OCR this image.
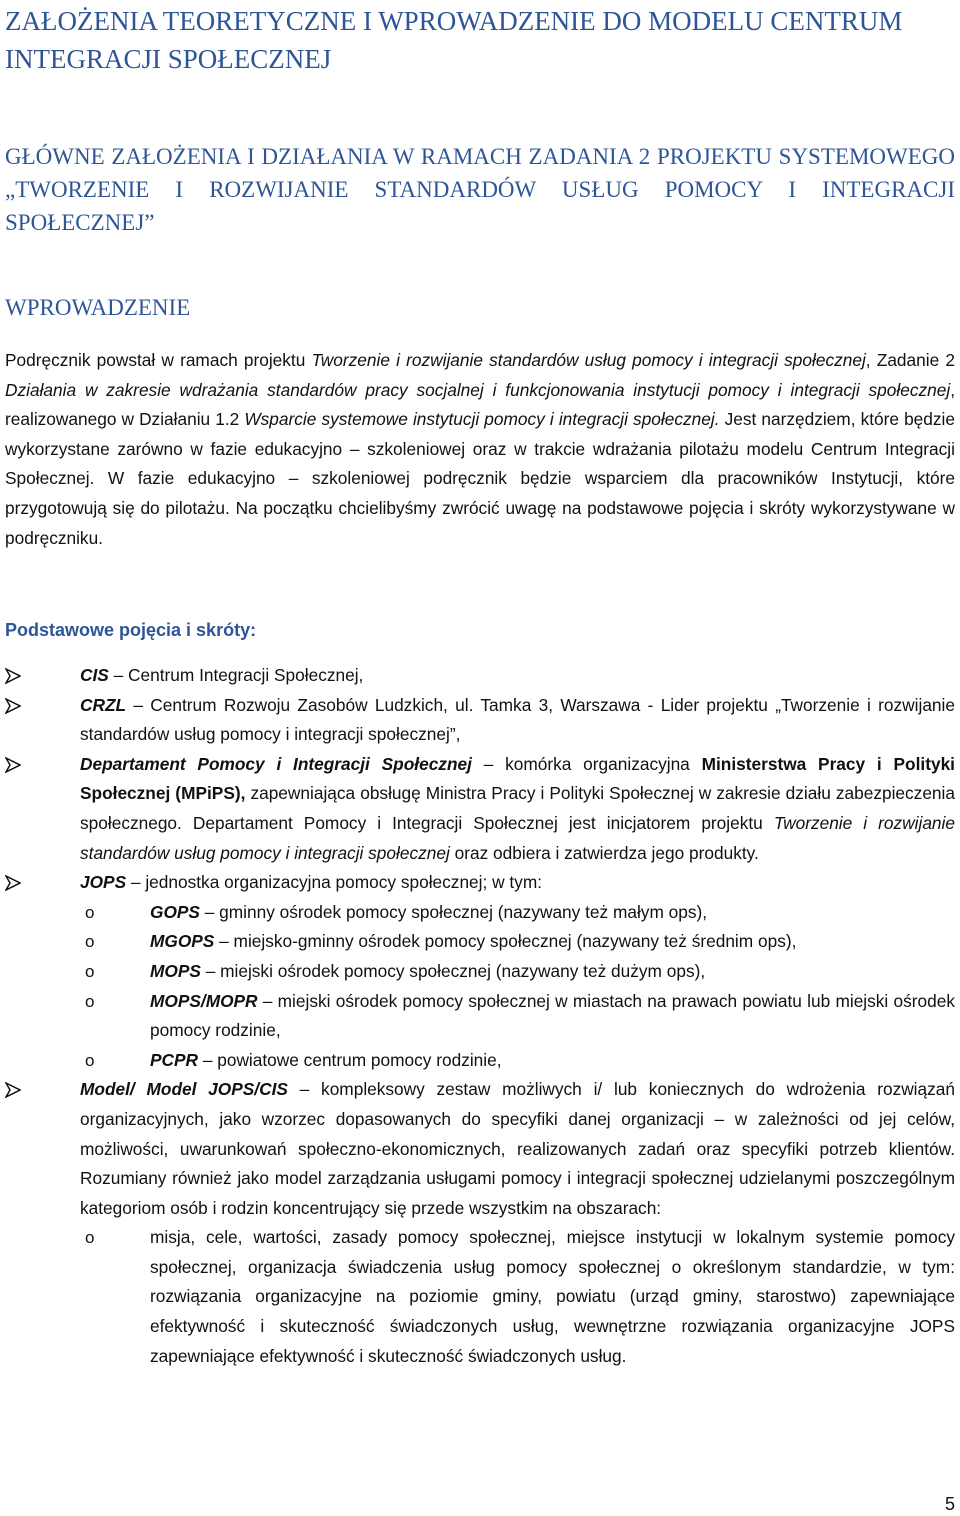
ZAŁOŻENIA TEORETYCZNE I WPROWADZENIE DO MODELU CENTRUM INTEGRACJI SPOŁECZNEJ
GŁÓWNE ZAŁOŻENIA I DZIAŁANIA W RAMACH ZADANIA 2 PROJEKTU SYSTEMOWEGO
„TWORZENIE I ROZWIJANIE STANDARDÓW USŁUG POMOCY I INTEGRACJI
SPOŁECZNEJ”
WPROWADZENIE

Podręcznik powstał w ramach projektu Tworzenie i rozwijanie standardów usług pomocy i integracji społecznej, Zadanie 2 Działania w zakresie wdrażania standardów pracy socjalnej i funkcjonowania instytucji pomocy i integracji społecznej, realizowanego w Działaniu 1.2 Wsparcie systemowe instytucji pomocy i integracji społecznej. Jest narzędziem, które będzie wykorzystane zarówno w fazie edukacyjno – szkoleniowej oraz w trakcie wdrażania pilotażu modelu Centrum Integracji Społecznej. W fazie edukacyjno – szkoleniowej podręcznik będzie wsparciem dla pracowników Instytucji, które przygotowują się do pilotażu. Na początku chcielibyśmy zwrócić uwagę na podstawowe pojęcia i skróty wykorzystywane w podręczniku.

Podstawowe pojęcia i skróty:
CIS – Centrum Integracji Społecznej,
CRZL – Centrum Rozwoju Zasobów Ludzkich, ul. Tamka 3, Warszawa - Lider projektu „Tworzenie i rozwijanie standardów usług pomocy i integracji społecznej”,
Departament Pomocy i Integracji Społecznej – komórka organizacyjna Ministerstwa Pracy i Polityki Społecznej (MPiPS), zapewniająca obsługę Ministra Pracy i Polityki Społecznej w zakresie działu zabezpieczenia społecznego. Departament Pomocy i Integracji Społecznej jest inicjatorem projektu Tworzenie i rozwijanie standardów usług pomocy i integracji społecznej oraz odbiera i zatwierdza jego produkty.
JOPS – jednostka organizacyjna pomocy społecznej; w tym:
o	GOPS – gminny ośrodek pomocy społecznej (nazywany też małym ops),
o	MGOPS – miejsko-gminny ośrodek pomocy społecznej (nazywany też średnim ops),
o	MOPS – miejski ośrodek pomocy społecznej (nazywany też dużym ops),
o	MOPS/MOPR – miejski ośrodek pomocy społecznej w miastach na prawach powiatu lub miejski ośrodek pomocy rodzinie,
o	PCPR – powiatowe centrum pomocy rodzinie,
Model/ Model JOPS/CIS – kompleksowy zestaw możliwych i/ lub koniecznych do wdrożenia rozwiązań organizacyjnych, jako wzorzec dopasowanych do specyfiki danej organizacji – w zależności od jej celów, możliwości, uwarunkowań społeczno-ekonomicznych, realizowanych zadań oraz specyfiki potrzeb klientów. Rozumiany również jako model zarządzania usługami pomocy i integracji społecznej udzielanymi poszczególnym kategoriom osób i rodzin koncentrujący się przede wszystkim na obszarach:
o	misja, cele, wartości, zasady pomocy społecznej, miejsce instytucji w lokalnym systemie pomocy społecznej, organizacja świadczenia usług pomocy społecznej o określonym standardzie, w tym: rozwiązania organizacyjne na poziomie gminy, powiatu (urząd gminy, starostwo) zapewniające efektywność i skuteczność świadczonych usług, wewnętrzne rozwiązania organizacyjne JOPS zapewniające efektywność i skuteczność świadczonych usług.
5
